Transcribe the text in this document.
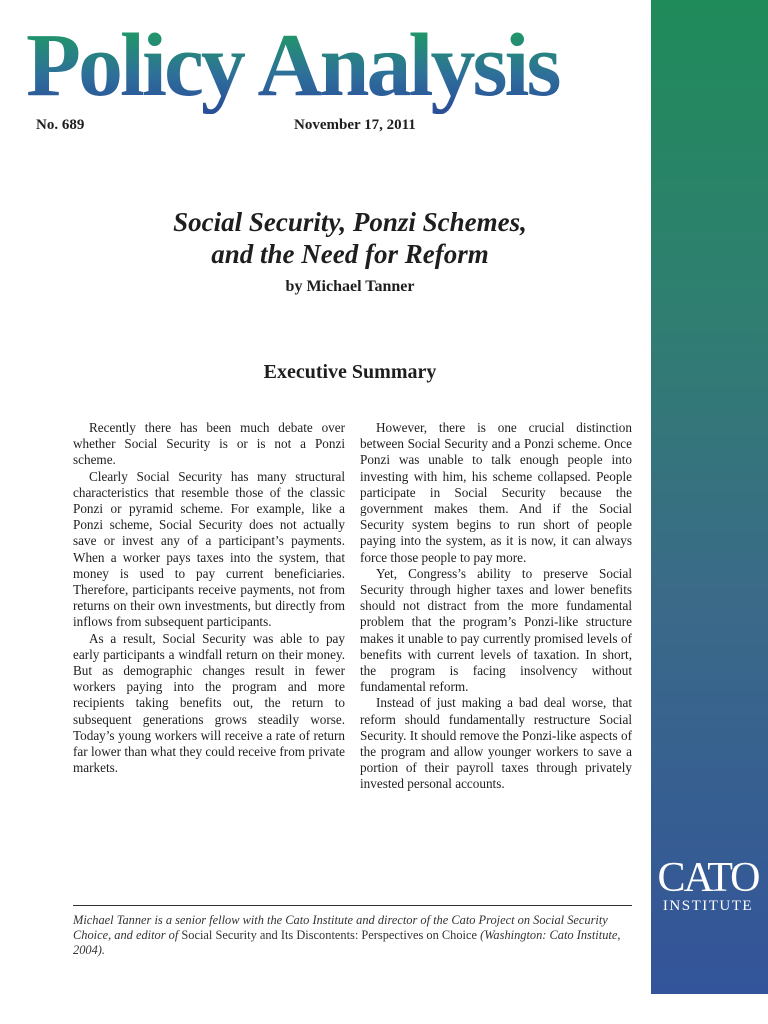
CATO
INSTITUTE
Policy Analysis
No. 689	November 17, 2011
Social Security, Ponzi Schemes,
and the Need for Reform
by Michael Tanner
Executive Summary

Recently there has been much debate over whether Social Security is or is not a Ponzi scheme.

Clearly Social Security has many structural characteristics that resemble those of the classic Ponzi or pyramid scheme. For example, like a Ponzi scheme, Social Security does not actually save or invest any of a participant’s payments. When a worker pays taxes into the system, that money is used to pay current beneficiaries. Therefore, participants receive payments, not from returns on their own investments, but directly from inflows from subsequent participants.

As a result, Social Security was able to pay early participants a windfall return on their money. But as demographic changes result in fewer workers paying into the program and more recipients taking benefits out, the return to subsequent generations grows steadily worse. Today’s young workers will receive a rate of return far lower than what they could receive from private markets.

However, there is one crucial distinction between Social Security and a Ponzi scheme. Once Ponzi was unable to talk enough people into investing with him, his scheme collapsed. People participate in Social Security because the government makes them. And if the Social Security system begins to run short of people paying into the system, as it is now, it can always force those people to pay more.

Yet, Congress’s ability to preserve Social Security through higher taxes and lower benefits should not distract from the more fundamental problem that the program’s Ponzi-like structure makes it unable to pay currently promised levels of benefits with current levels of taxation. In short, the program is facing insolvency without fundamental reform.

Instead of just making a bad deal worse, that reform should fundamentally restructure Social Security. It should remove the Ponzi-like aspects of the program and allow younger workers to save a portion of their payroll taxes through privately invested personal accounts.

Michael Tanner is a senior fellow with the Cato Institute and director of the Cato Project on Social Security Choice, and editor of Social Security and Its Discontents: Perspectives on Choice (Washington: Cato Institute, 2004).
